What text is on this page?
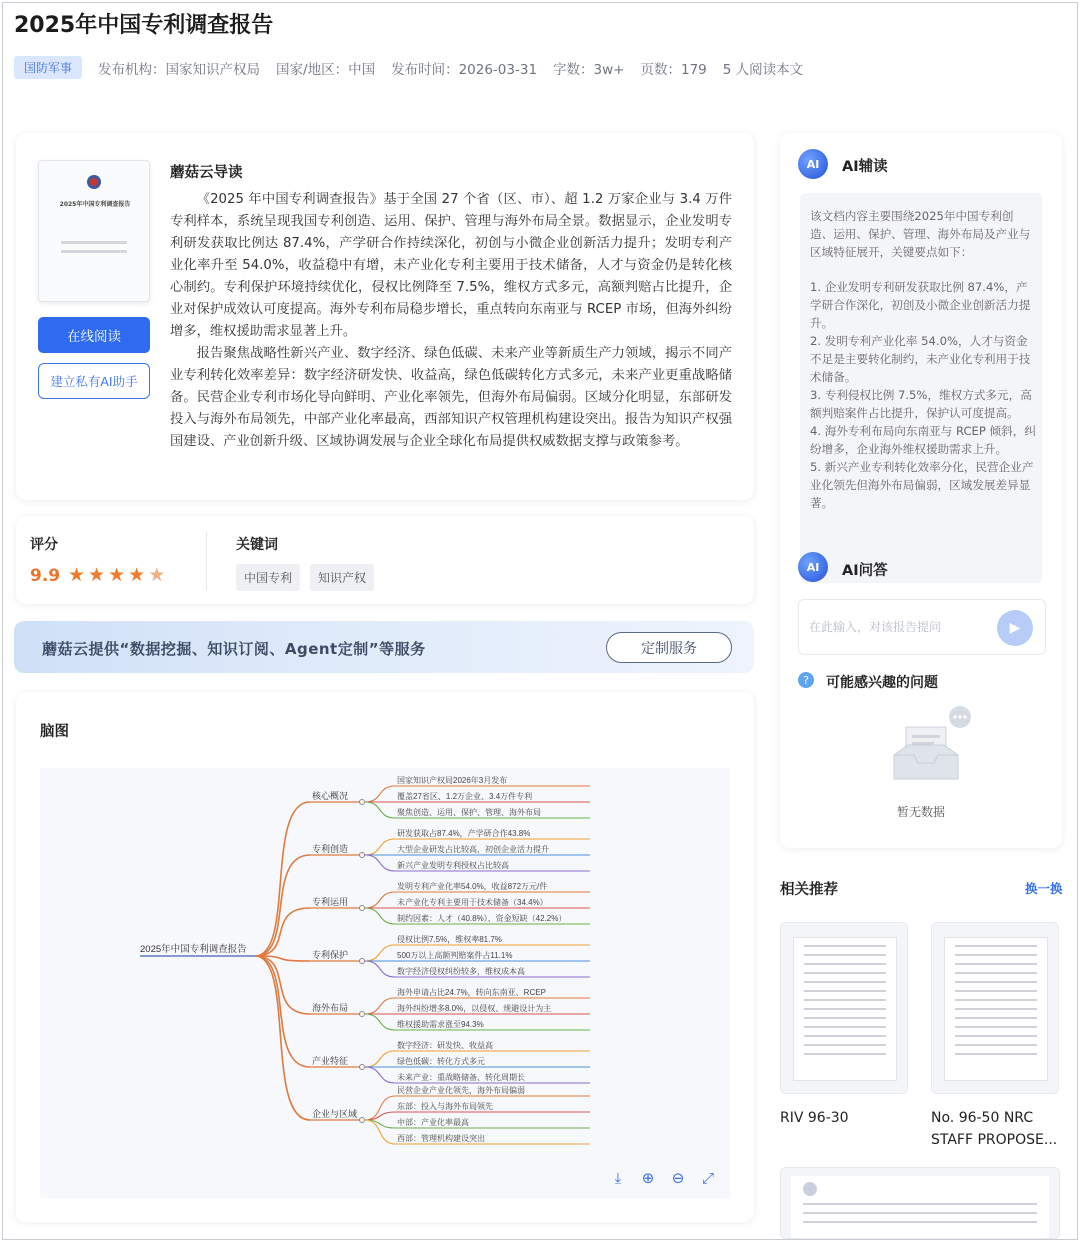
2025年中国专利调查报告
国防军事	发布机构：国家知识产权局 国家/地区：中国 发布时间：2026-03-31 字数：3w+ 页数：179 5 人阅读本文
2025年中国专利调查报告
在线阅读
建立私有AI助手
蘑菇云导读

《2025 年中国专利调查报告》基于全国 27 个省（区、市）、超 1.2 万家企业与 3.4 万件专利样本，系统呈现我国专利创造、运用、保护、管理与海外布局全景。数据显示，企业发明专利研发获取比例达 87.4%，产学研合作持续深化，初创与小微企业创新活力提升；发明专利产业化率升至 54.0%，收益稳中有增，未产业化专利主要用于技术储备，人才与资金仍是转化核心制约。专利保护环境持续优化，侵权比例降至 7.5%，维权方式多元，高额判赔占比提升，企业对保护成效认可度提高。海外专利布局稳步增长，重点转向东南亚与 RCEP 市场，但海外纠纷增多，维权援助需求显著上升。

报告聚焦战略性新兴产业、数字经济、绿色低碳、未来产业等新质生产力领域，揭示不同产业专利转化效率差异：数字经济研发快、收益高，绿色低碳转化方式多元，未来产业更重战略储备。民营企业专利市场化导向鲜明、产业化率领先，但海外布局偏弱。区域分化明显，东部研发投入与海外布局领先，中部产业化率最高，西部知识产权管理机构建设突出。报告为知识产权强国建设、产业创新升级、区域协调发展与企业全球化布局提供权威数据支撑与政策参考。

评分
9.9 ★★★★★
关键词
中国专利	知识产权
蘑菇云提供“数据挖掘、知识订阅、Agent定制”等服务	定制服务
脑图
2025年中国专利调查报告
核心概况
国家知识产权局2026年3月发布
覆盖27省区、1.2万企业、3.4万件专利
聚焦创造、运用、保护、管理、海外布局
专利创造
研发获取占87.4%，产学研合作43.8%
大型企业研发占比较高，初创企业活力提升
新兴产业发明专利授权占比较高
专利运用
发明专利产业化率54.0%，收益872万元/件
未产业化专利主要用于技术储备（34.4%）
制约因素：人才（40.8%）、资金短缺（42.2%）
专利保护
侵权比例7.5%，维权率81.7%
500万以上高额判赔案件占11.1%
数字经济侵权纠纷较多，维权成本高
海外布局
海外申请占比24.7%，转向东南亚、RCEP
海外纠纷增多8.0%，以侵权、规避设计为主
维权援助需求涨至94.3%
产业特征
数字经济：研发快、收益高
绿色低碳：转化方式多元
未来产业：重战略储备、转化周期长
企业与区域
民营企业产业化领先，海外布局偏弱
东部：投入与海外布局领先
中部：产业化率最高
西部：管理机构建设突出
⤓	⊕ ⊖ ⤢
AI	AI辅读
该文档内容主要围绕2025年中国专利创造、运用、保护、管理、海外布局及产业与区域特征展开，关键要点如下：
1. 企业发明专利研发获取比例 87.4%，产学研合作深化，初创及小微企业创新活力提升。
2. 发明专利产业化率 54.0%，人才与资金不足是主要转化制约，未产业化专利用于技术储备。
3. 专利侵权比例 7.5%，维权方式多元，高额判赔案件占比提升，保护认可度提高。
4. 海外专利布局向东南亚与 RCEP 倾斜，纠纷增多，企业海外维权援助需求上升。
5. 新兴产业专利转化效率分化，民营企业产业化领先但海外布局偏弱，区域发展差异显著。
AI	AI问答
在此输入，对该报告提问	▶
?	可能感兴趣的问题
暂无数据
相关推荐	换一换
RIV 96-30	No. 96-50 NRC
STAFF PROPOSE...
